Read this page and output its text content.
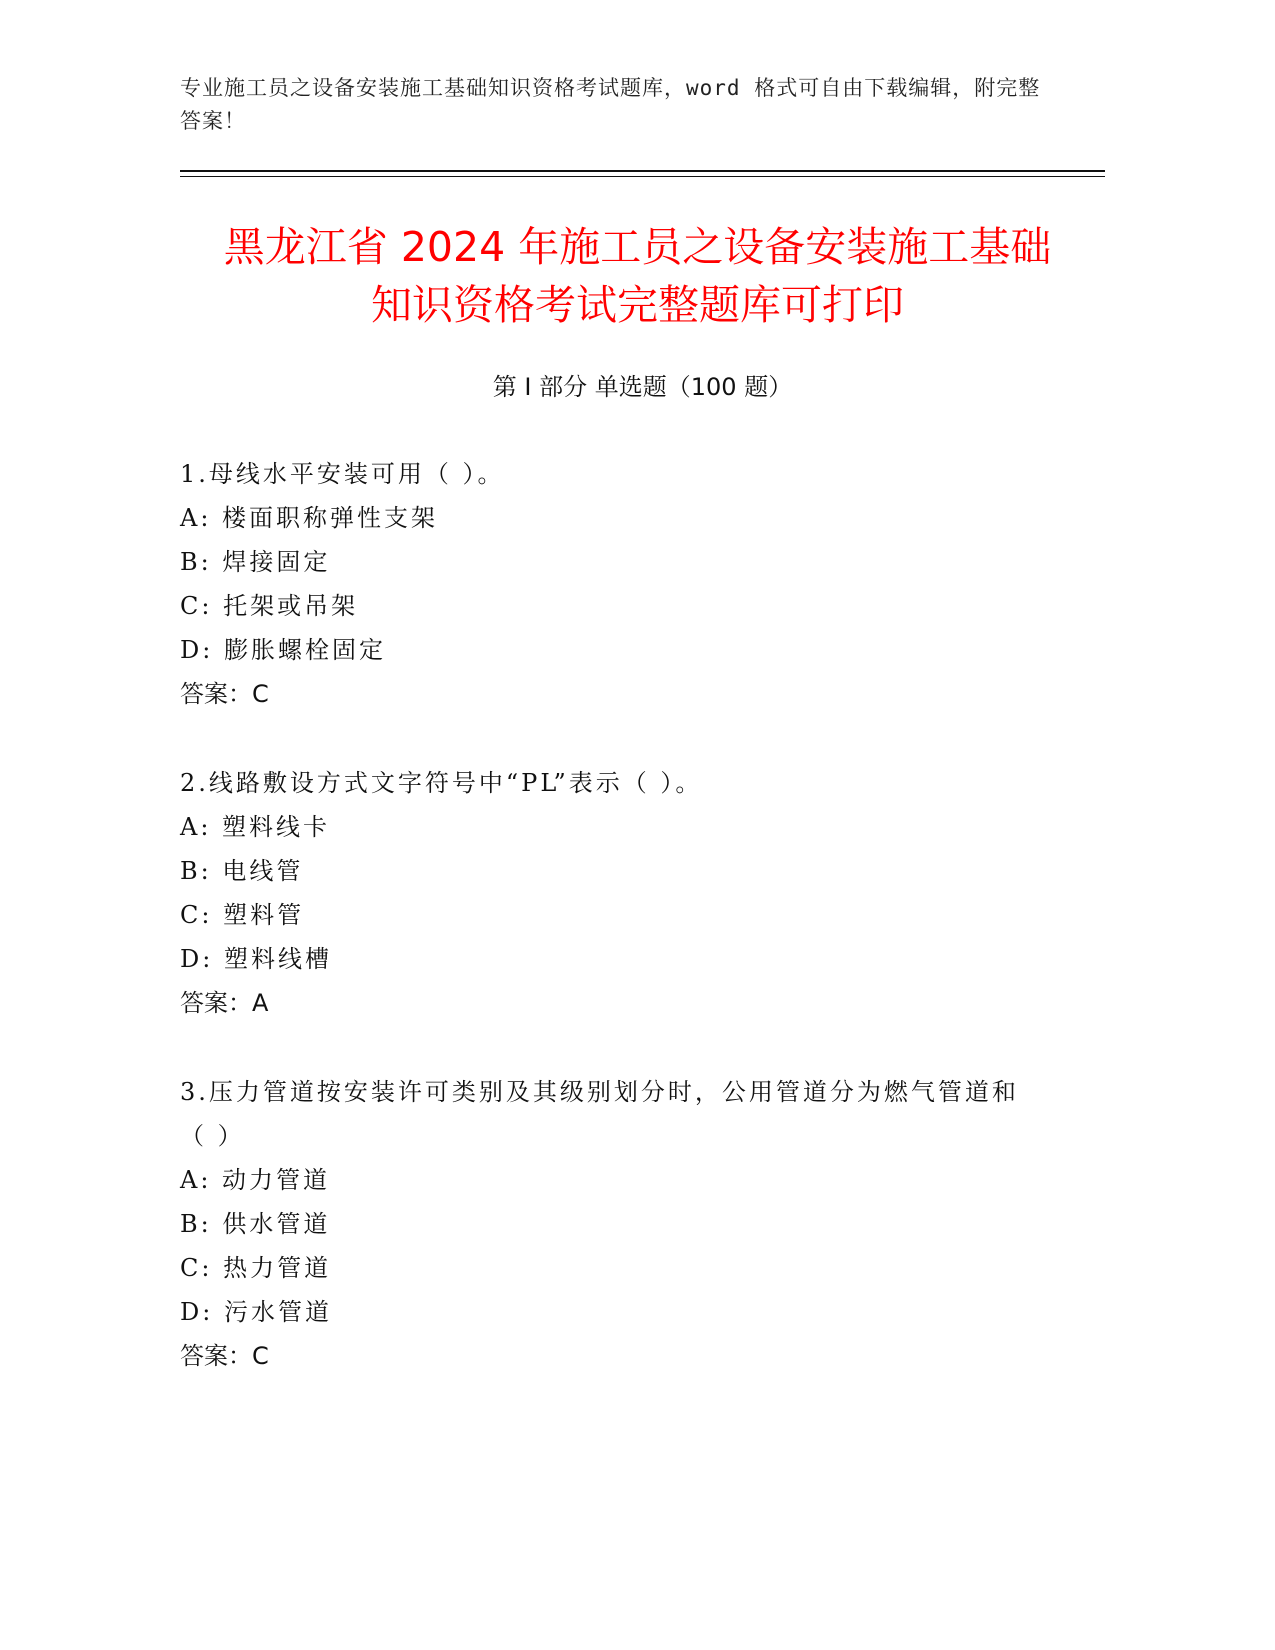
专业施工员之设备安装施工基础知识资格考试题库，word 格式可自由下载编辑，附完整答案！
黑龙江省 2024 年施工员之设备安装施工基础
知识资格考试完整题库可打印
第 I 部分 单选题（100 题）

1.母线水平安装可用（ ）。

A: 楼面职称弹性支架

B: 焊接固定

C: 托架或吊架

D: 膨胀螺栓固定

答案：C

2.线路敷设方式文字符号中“PL”表示（ ）。

A: 塑料线卡

B: 电线管

C: 塑料管

D: 塑料线槽

答案：A

3.压力管道按安装许可类别及其级别划分时，公用管道分为燃气管道和（ ）

A: 动力管道

B: 供水管道

C: 热力管道

D: 污水管道

答案：C
